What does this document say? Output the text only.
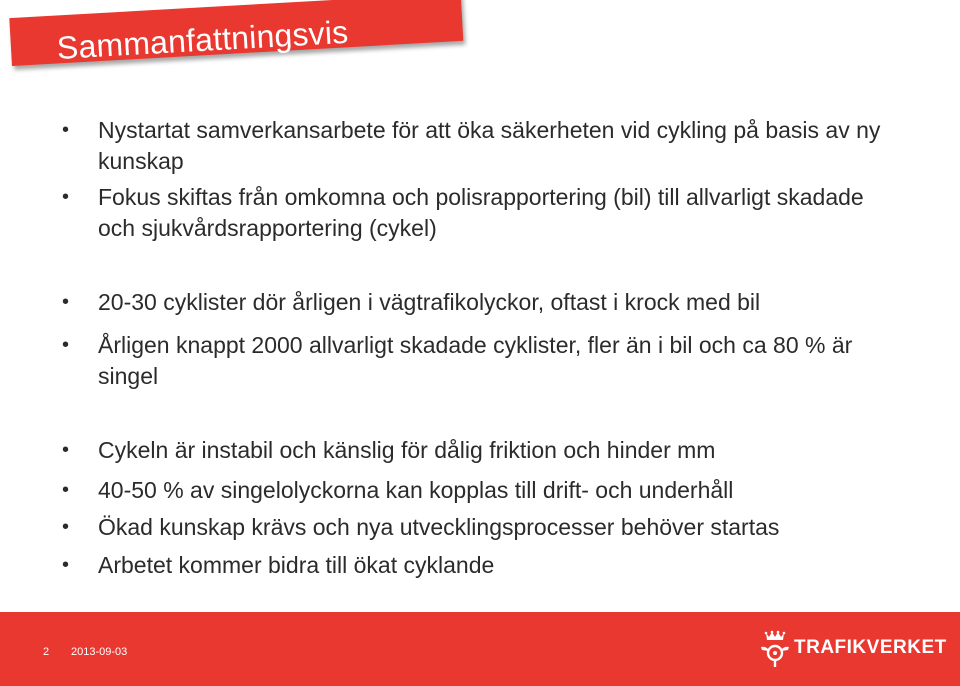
Sammanfattningsvis
•	Nystartat samverkansarbete för att öka säkerheten vid cykling på basis av ny kunskap
•	Fokus skiftas från omkomna och polisrapportering (bil) till allvarligt skadade och sjukvårdsrapportering (cykel)
•	20-30 cyklister dör årligen i vägtrafikolyckor, oftast i krock med bil
•	Årligen knappt 2000 allvarligt skadade cyklister, fler än i bil och ca 80 % är singel
•	Cykeln är instabil och känslig för dålig friktion och hinder mm
•	40-50 % av singelolyckorna kan kopplas till drift- och underhåll
•	Ökad kunskap krävs och nya utvecklingsprocesser behöver startas
•	Arbetet kommer bidra till ökat cyklande
2 2013-09-03	TRAFIKVERKET
